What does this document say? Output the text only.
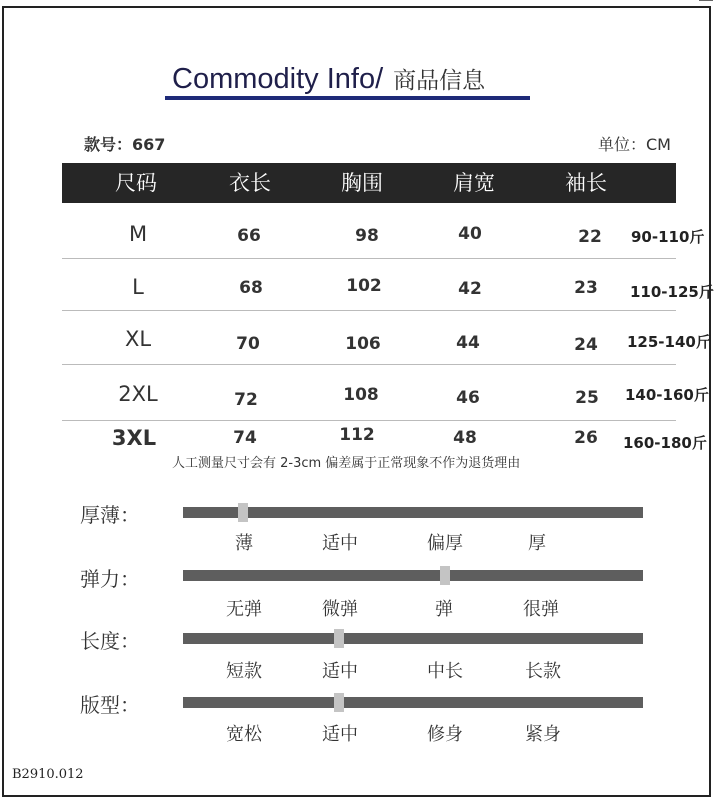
Commodity Info/ 商品信息
款号：667	单位：CM
尺码	衣长	胸围	肩宽	袖长
M	66	98	40	22	90-110斤
L	68	102	42	23	110-125斤
XL	70	106	44	24	125-140斤
2XL	72	108	46	25	140-160斤
3XL	74	112	48	26	160-180斤
人工测量尺寸会有 2-3cm 偏差属于正常现象不作为退货理由
厚薄：
薄	适中	偏厚	厚
弹力：
无弹	微弹	弹	很弹
长度：
短款	适中	中长	长款
版型：
宽松	适中	修身	紧身
B2910.012
